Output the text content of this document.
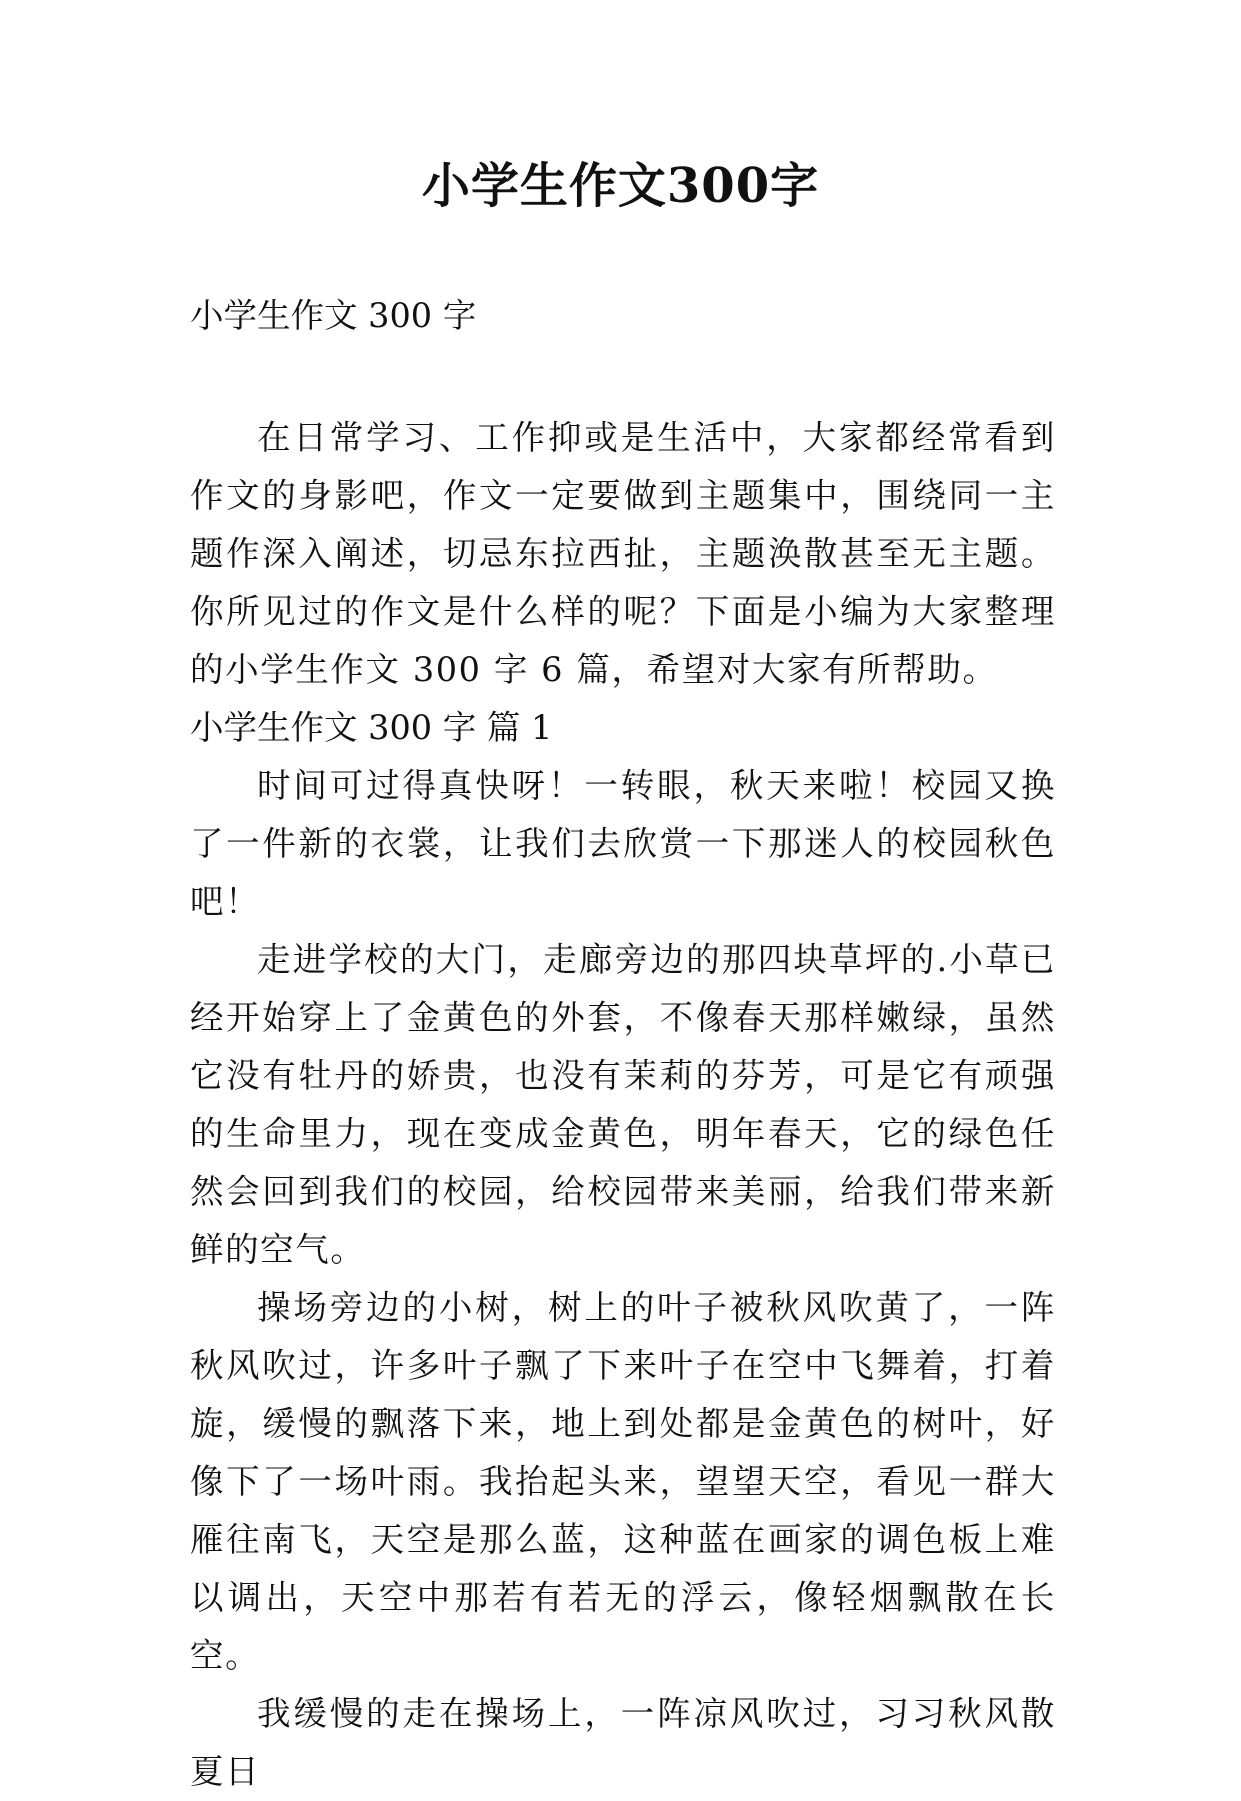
小学生作文300字

小学生作文 300 字

在日常学习、工作抑或是生活中，大家都经常看到作文的身影吧，作文一定要做到主题集中，围绕同一主题作深入阐述，切忌东拉西扯，主题涣散甚至无主题。你所见过的作文是什么样的呢？下面是小编为大家整理的小学生作文 300 字 6 篇，希望对大家有所帮助。

小学生作文 300 字 篇 1

时间可过得真快呀！一转眼，秋天来啦！校园又换了一件新的衣裳，让我们去欣赏一下那迷人的校园秋色吧！

走进学校的大门，走廊旁边的那四块草坪的.小草已经开始穿上了金黄色的外套，不像春天那样嫩绿，虽然它没有牡丹的娇贵，也没有茉莉的芬芳，可是它有顽强的生命里力，现在变成金黄色，明年春天，它的绿色任然会回到我们的校园，给校园带来美丽，给我们带来新鲜的空气。

操场旁边的小树，树上的叶子被秋风吹黄了，一阵秋风吹过，许多叶子飘了下来叶子在空中飞舞着，打着旋，缓慢的飘落下来，地上到处都是金黄色的树叶，好像下了一场叶雨。我抬起头来，望望天空，看见一群大雁往南飞，天空是那么蓝，这种蓝在画家的调色板上难以调出，天空中那若有若无的浮云，像轻烟飘散在长空。

我缓慢的走在操场上，一阵凉风吹过，习习秋风散夏日
